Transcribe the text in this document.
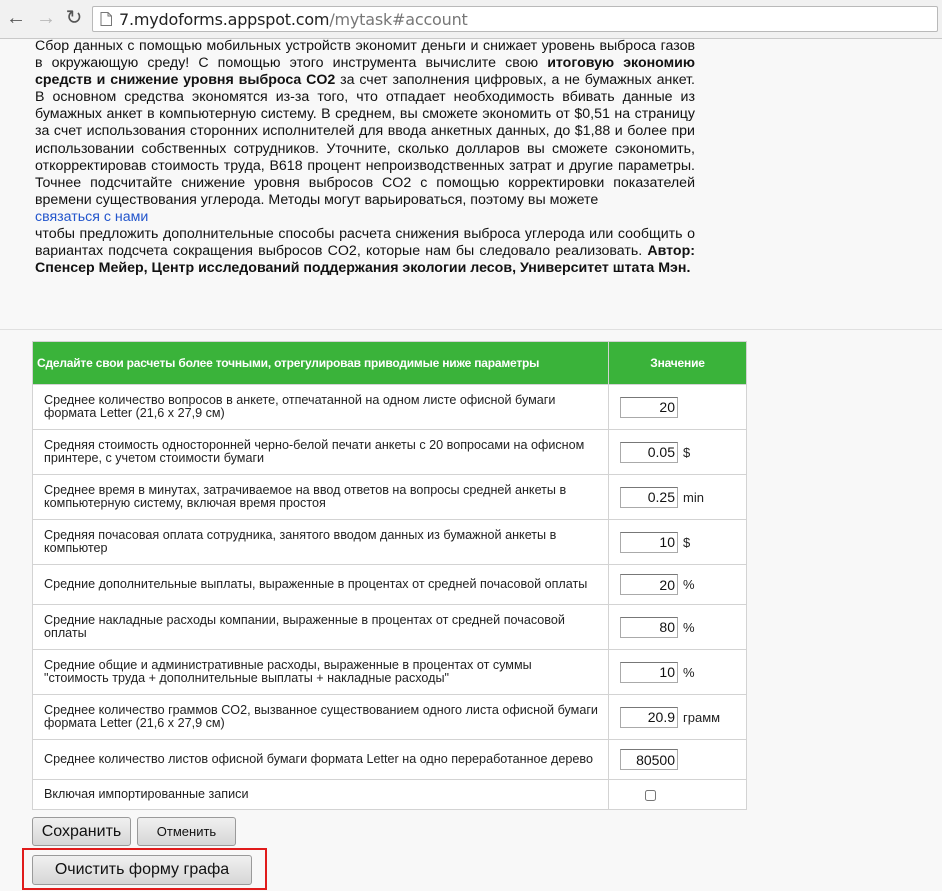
← → ↻ 7.mydoforms.appspot.com/mytask#account

Сбор данных с помощью мобильных устройств экономит деньги и снижает уровень выброса газов в окружающую среду! С помощью этого инструмента вычислите свою итоговую экономию средств и снижение уровня выброса CO2 за счет заполнения цифровых, а не бумажных анкет. В основном средства экономятся из-за того, что отпадает необходимость вбивать данные из бумажных анкет в компьютерную систему. В среднем, вы сможете экономить от $0,51 на страницу за счет использования сторонних исполнителей для ввода анкетных данных, до $1,88 и более при использовании собственных сотрудников. Уточните, сколько долларов вы сможете сэкономить, откорректировав стоимость труда, B618 процент непроизводственных затрат и другие параметры. Точнее подсчитайте снижение уровня выбросов CO2 с помощью корректировки показателей времени существования углерода. Методы могут варьироваться, поэтому вы можете

связаться с нами

чтобы предложить дополнительные способы расчета снижения выброса углерода или сообщить о вариантах подсчета сокращения выбросов CO2, которые нам бы следовало реализовать. Автор: Спенсер Мейер, Центр исследований поддержания экологии лесов, Университет штата Мэн.

Сделайте свои расчеты более точными, отрегулировав приводимые ниже параметры	Значение
Среднее количество вопросов в анкете, отпечатанной на одном листе офисной бумаги формата Letter (21,6 x 27,9 см)	20
Средняя стоимость односторонней черно-белой печати анкеты с 20 вопросами на офисном принтере, с учетом стоимости бумаги	0.05$
Среднее время в минутах, затрачиваемое на ввод ответов на вопросы средней анкеты в компьютерную систему, включая время простоя	0.25min
Средняя почасовая оплата сотрудника, занятого вводом данных из бумажной анкеты в компьютер	10$
Средние дополнительные выплаты, выраженные в процентах от средней почасовой оплаты	20%
Средние накладные расходы компании, выраженные в процентах от средней почасовой оплаты	80%
Средние общие и административные расходы, выраженные в процентах от суммы "стоимость труда + дополнительные выплаты + накладные расходы"	10%
Среднее количество граммов CO2, вызванное существованием одного листа офисной бумаги формата Letter (21,6 x 27,9 см)	20.9грамм
Среднее количество листов офисной бумаги формата Letter на одно переработанное дерево	80500
Включая импортированные записи	
Сохранить	Отменить
Очистить форму графа
